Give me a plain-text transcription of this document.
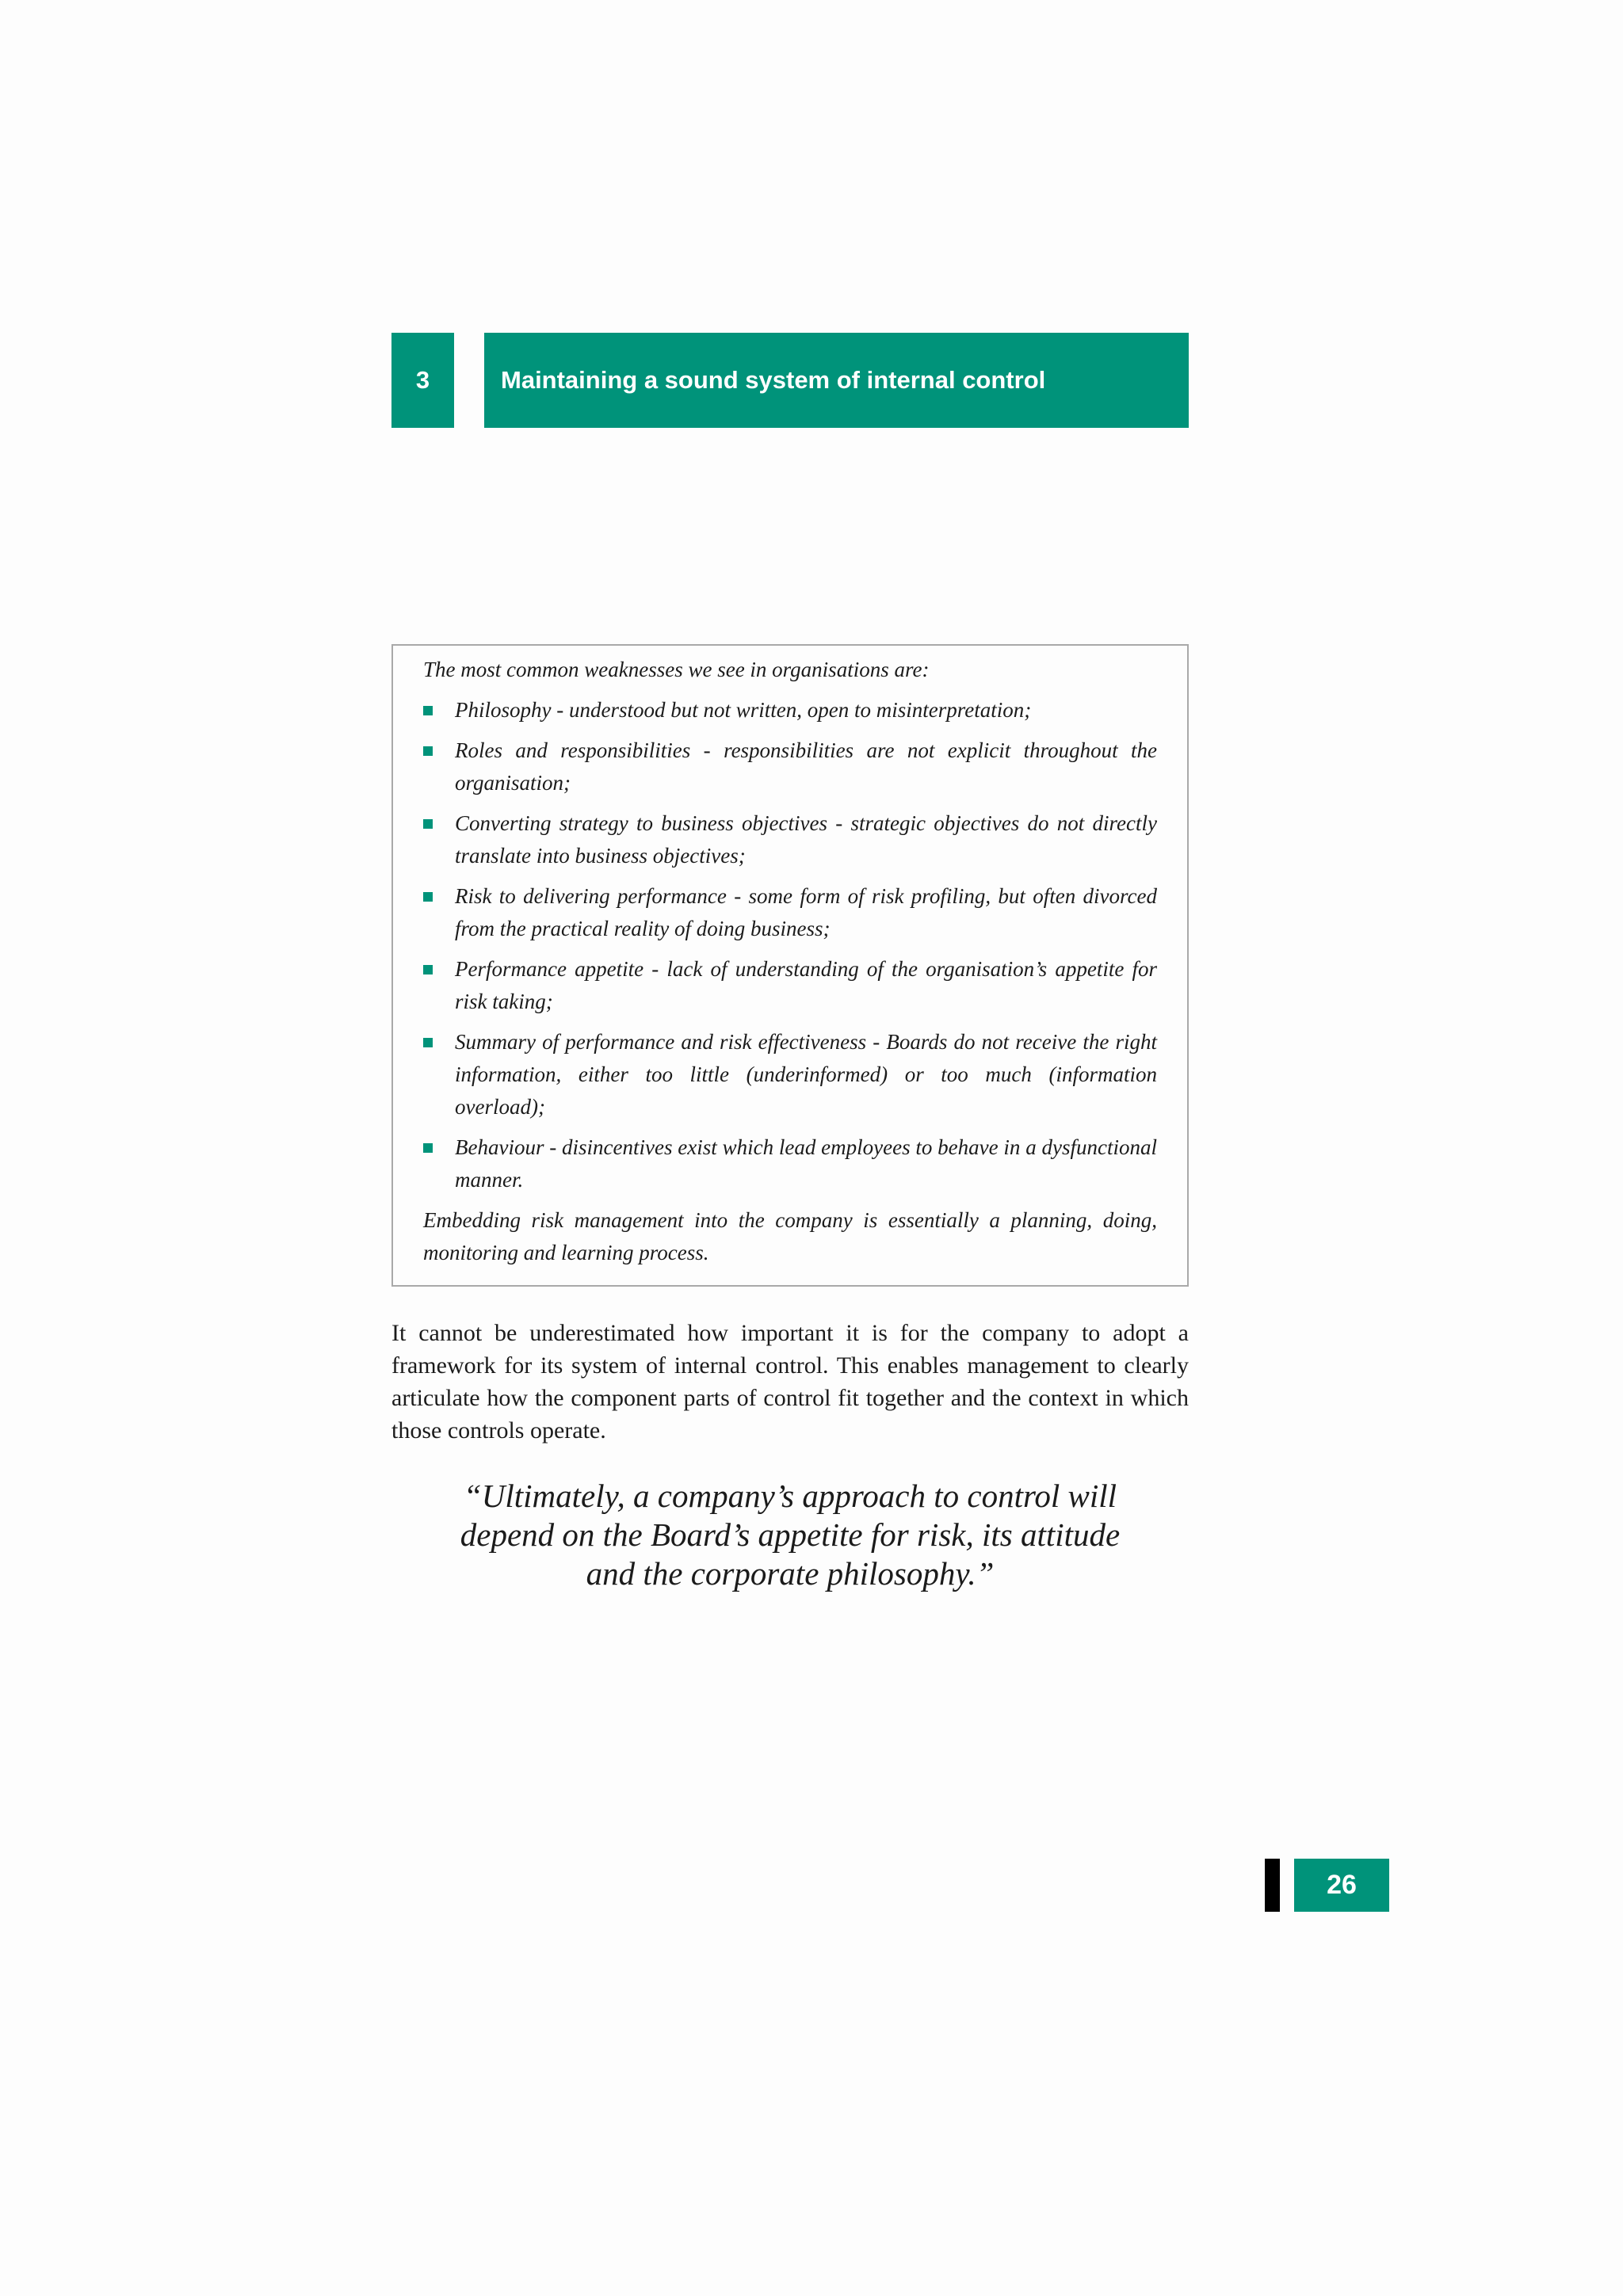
3	Maintaining a sound system of internal control

The most common weaknesses we see in organisations are:

Philosophy - understood but not written, open to misinterpretation;
Roles and responsibilities - responsibilities are not explicit throughout the organisation;
Converting strategy to business objectives - strategic objectives do not directly translate into business objectives;
Risk to delivering performance - some form of risk profiling, but often divorced from the practical reality of doing business;
Performance appetite - lack of understanding of the organisation’s appetite for risk taking;
Summary of performance and risk effectiveness - Boards do not receive the right information, either too little (underinformed) or too much (information overload);
Behaviour - disincentives exist which lead employees to behave in a dysfunctional manner.

Embedding risk management into the company is essentially a planning, doing, monitoring and learning process.

It cannot be underestimated how important it is for the company to adopt a framework for its system of internal control. This enables management to clearly articulate how the component parts of control fit together and the context in which those controls operate.

“Ultimately, a company’s approach to control will
depend on the Board’s appetite for risk, its attitude
and the corporate philosophy.”

26
